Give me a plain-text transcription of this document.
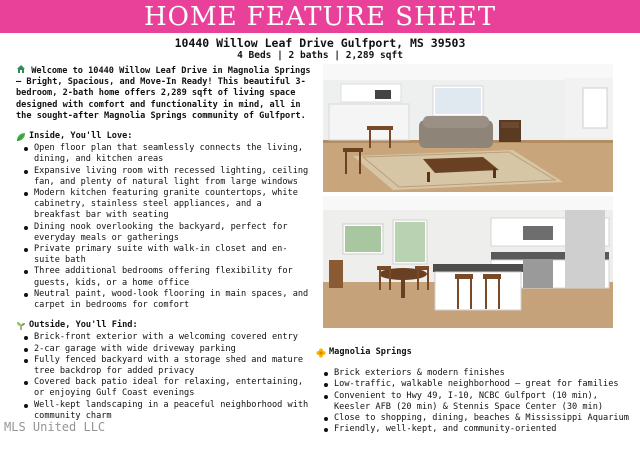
HOME FEATURE SHEET
10440 Willow Leaf Drive Gulfport, MS 39503
4 Beds | 2 baths | 2,289 sqft
Welcome to 10440 Willow Leaf Drive in Magnolia Springs — Bright, Spacious, and Move-In Ready! This beautiful 3-bedroom, 2-bath home offers 2,289 sqft of living space designed with comfort and functionality in mind, all in the sought-after Magnolia Springs community of Gulfport.
Inside, You'll Love:
Open floor plan that seamlessly connects the living, dining, and kitchen areas
Expansive living room with recessed lighting, ceiling fan, and plenty of natural light from large windows
Modern kitchen featuring granite countertops, white cabinetry, stainless steel appliances, and a breakfast bar with seating
Dining nook overlooking the backyard, perfect for everyday meals or gatherings
Private primary suite with walk-in closet and en-suite bath
Three additional bedrooms offering flexibility for guests, kids, or a home office
Neutral paint, wood-look flooring in main spaces, and carpet in bedrooms for comfort
Outside, You'll Find:
Brick-front exterior with a welcoming covered entry
2-car garage with wide driveway parking
Fully fenced backyard with a storage shed and mature tree backdrop for added privacy
Covered back patio ideal for relaxing, entertaining, or enjoying Gulf Coast evenings
Well-kept landscaping in a peaceful neighborhood with community charm
Magnolia Springs
Brick exteriors & modern finishes
Low-traffic, walkable neighborhood — great for families
Convenient to Hwy 49, I-10, NCBC Gulfport (10 min), Keesler AFB (20 min) & Stennis Space Center (30 min)
Close to shopping, dining, beaches & Mississippi Aquarium
Friendly, well-kept, and community-oriented
MLS United LLC
